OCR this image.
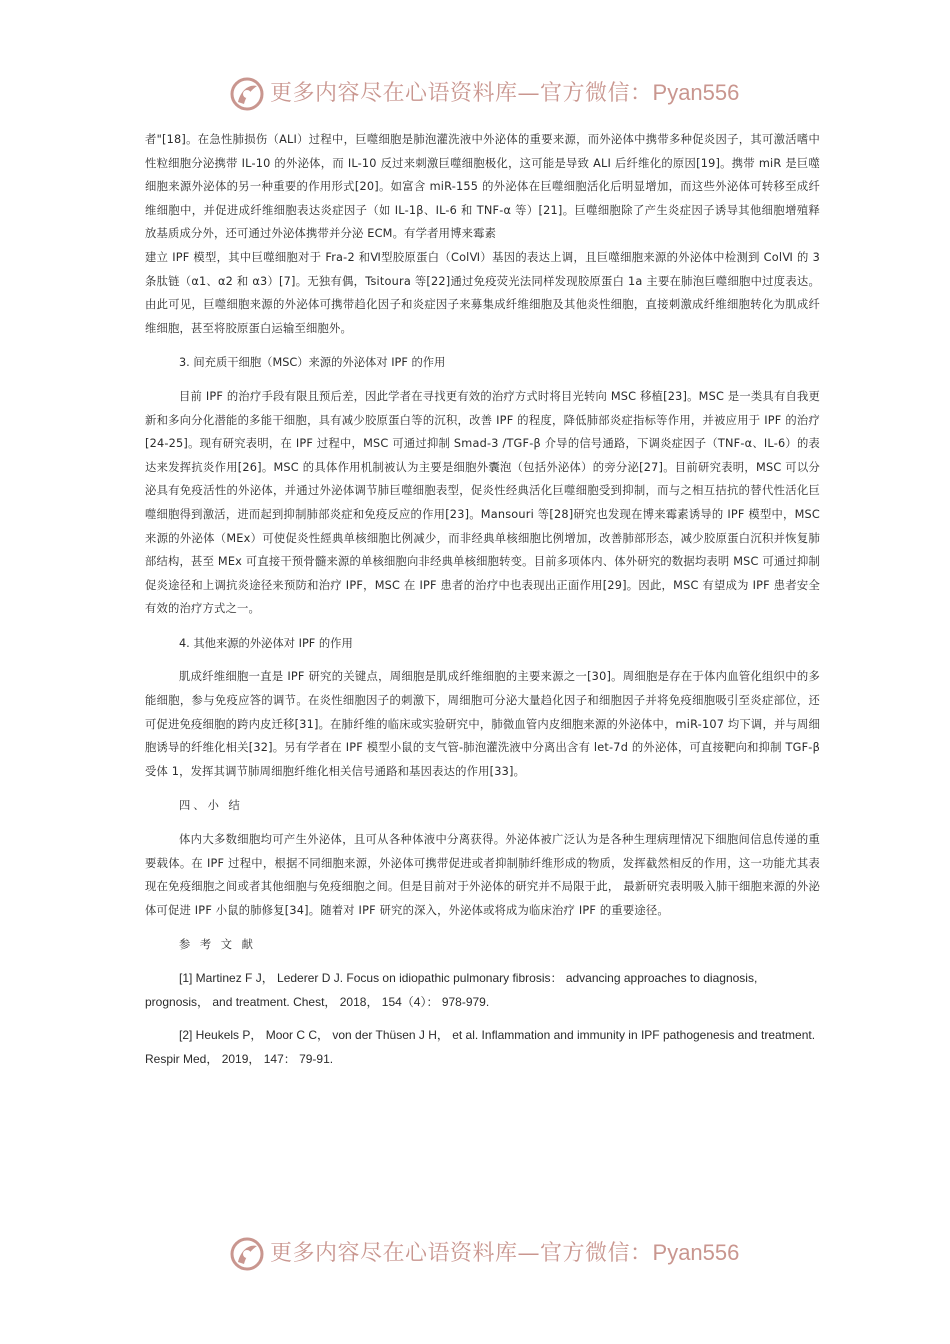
更多内容尽在心语资料库—官方微信：Pyan556

者"[18]。在急性肺损伤（ALI）过程中，巨噬细胞是肺泡灌洗液中外泌体的重要来源，而外泌体中携带多种促炎因子，其可激活嗜中性粒细胞分泌携带 IL-10 的外泌体，而 IL-10 反过来刺激巨噬细胞极化，这可能是导致 ALI 后纤维化的原因[19]。携带 miR 是巨噬细胞来源外泌体的另一种重要的作用形式[20]。如富含 miR-155 的外泌体在巨噬细胞活化后明显增加，而这些外泌体可转移至成纤维细胞中，并促进成纤维细胞表达炎症因子（如 IL-1β、IL-6 和 TNF-α 等）[21]。巨噬细胞除了产生炎症因子诱导其他细胞增殖释放基质成分外，还可通过外泌体携带并分泌 ECM。有学者用博来霉素

建立 IPF 模型，其中巨噬细胞对于 Fra-2 和Ⅵ型胶原蛋白（ColⅥ）基因的表达上调，且巨噬细胞来源的外泌体中检测到 ColⅥ 的 3 条肽链（α1、α2 和 α3）[7]。无独有偶，Tsitoura 等[22]通过免疫荧光法同样发现胶原蛋白 1a 主要在肺泡巨噬细胞中过度表达。由此可见，巨噬细胞来源的外泌体可携带趋化因子和炎症因子来募集成纤维细胞及其他炎性细胞，直接刺激成纤维细胞转化为肌成纤维细胞，甚至将胶原蛋白运输至细胞外。

3. 间充质干细胞（MSC）来源的外泌体对 IPF 的作用

目前 IPF 的治疗手段有限且预后差，因此学者在寻找更有效的治疗方式时将目光转向 MSC 移植[23]。MSC 是一类具有自我更新和多向分化潜能的多能干细胞，具有减少胶原蛋白等的沉积，改善 IPF 的程度，降低肺部炎症指标等作用，并被应用于 IPF 的治疗[24-25]。现有研究表明，在 IPF 过程中，MSC 可通过抑制 Smad-3 /TGF-β 介导的信号通路，下调炎症因子（TNF-α、IL-6）的表达来发挥抗炎作用[26]。MSC 的具体作用机制被认为主要是细胞外囊泡（包括外泌体）的旁分泌[27]。目前研究表明，MSC 可以分泌具有免疫活性的外泌体，并通过外泌体调节肺巨噬细胞表型，促炎性经典活化巨噬细胞受到抑制，而与之相互拮抗的替代性活化巨噬细胞得到激活，进而起到抑制肺部炎症和免疫反应的作用[23]。Mansouri 等[28]研究也发现在博来霉素诱导的 IPF 模型中，MSC 来源的外泌体（MEx）可使促炎性經典单核细胞比例减少，而非经典单核细胞比例增加，改善肺部形态，减少胶原蛋白沉积并恢复肺部结构，甚至 MEx 可直接干预骨髓来源的单核细胞向非经典单核细胞转变。目前多项体内、体外研究的数据均表明 MSC 可通过抑制促炎途径和上调抗炎途径来预防和治疗 IPF，MSC 在 IPF 患者的治疗中也表现出正面作用[29]。因此，MSC 有望成为 IPF 患者安全有效的治疗方式之一。

4. 其他来源的外泌体对 IPF 的作用

肌成纤维细胞一直是 IPF 研究的关键点，周细胞是肌成纤维细胞的主要来源之一[30]。周细胞是存在于体内血管化组织中的多能细胞，参与免疫应答的调节。在炎性细胞因子的刺激下，周细胞可分泌大量趋化因子和细胞因子并将免疫细胞吸引至炎症部位，还可促进免疫细胞的跨内皮迁移[31]。在肺纤维的临床或实验研究中，肺微血管内皮细胞来源的外泌体中，miR-107 均下调，并与周细胞诱导的纤维化相关[32]。另有学者在 IPF 模型小鼠的支气管-肺泡灌洗液中分离出含有 let-7d 的外泌体，可直接靶向和抑制 TGF-β 受体 1，发挥其调节肺周细胞纤维化相关信号通路和基因表达的作用[33]。

四、小 结

体内大多数细胞均可产生外泌体，且可从各种体液中分离获得。外泌体被广泛认为是各种生理病理情况下细胞间信息传递的重要载体。在 IPF 过程中，根据不同细胞来源，外泌体可携带促进或者抑制肺纤维形成的物质，发挥截然相反的作用，这一功能尤其表现在免疫细胞之间或者其他细胞与免疫细胞之间。但是目前对于外泌体的研究并不局限于此， 最新研究表明吸入肺干细胞来源的外泌体可促进 IPF 小鼠的肺修复[34]。随着对 IPF 研究的深入，外泌体或将成为临床治疗 IPF 的重要途径。

参 考 文 献

[1] Martinez F J， Lederer D J. Focus on idiopathic pulmonary fibrosis： advancing approaches to diagnosis, prognosis， and treatment. Chest， 2018， 154（4）： 978-979.

[2] Heukels P， Moor C C， von der Thüsen J H， et al. Inflammation and immunity in IPF pathogenesis and treatment. Respir Med， 2019， 147： 79-91.

更多内容尽在心语资料库—官方微信：Pyan556
